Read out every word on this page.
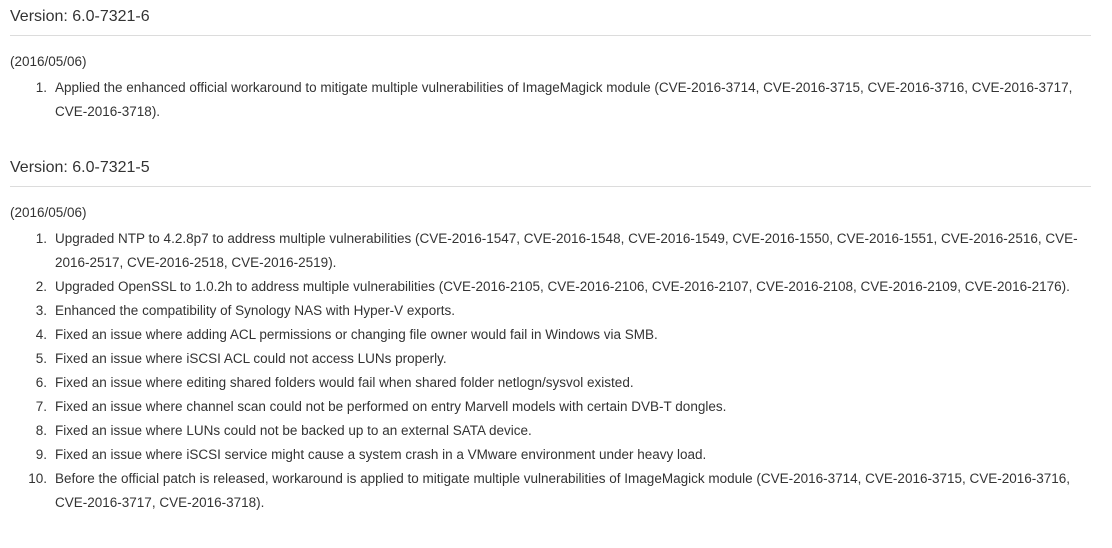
Version: 6.0-7321-6

(2016/05/06)

1. Applied the enhanced official workaround to mitigate multiple vulnerabilities of ImageMagick module (CVE-2016-3714, CVE-2016-3715, CVE-2016-3716, CVE-2016-3717, CVE-2016-3718).
Version: 6.0-7321-5

(2016/05/06)

1. Upgraded NTP to 4.2.8p7 to address multiple vulnerabilities (CVE-2016-1547, CVE-2016-1548, CVE-2016-1549, CVE-2016-1550, CVE-2016-1551, CVE-2016-2516, CVE-2016-2517, CVE-2016-2518, CVE-2016-2519).
2. Upgraded OpenSSL to 1.0.2h to address multiple vulnerabilities (CVE-2016-2105, CVE-2016-2106, CVE-2016-2107, CVE-2016-2108, CVE-2016-2109, CVE-2016-2176).
3. Enhanced the compatibility of Synology NAS with Hyper-V exports.
4. Fixed an issue where adding ACL permissions or changing file owner would fail in Windows via SMB.
5. Fixed an issue where iSCSI ACL could not access LUNs properly.
6. Fixed an issue where editing shared folders would fail when shared folder netlogn/sysvol existed.
7. Fixed an issue where channel scan could not be performed on entry Marvell models with certain DVB-T dongles.
8. Fixed an issue where LUNs could not be backed up to an external SATA device.
9. Fixed an issue where iSCSI service might cause a system crash in a VMware environment under heavy load.
10. Before the official patch is released, workaround is applied to mitigate multiple vulnerabilities of ImageMagick module (CVE-2016-3714, CVE-2016-3715, CVE-2016-3716, CVE-2016-3717, CVE-2016-3718).
